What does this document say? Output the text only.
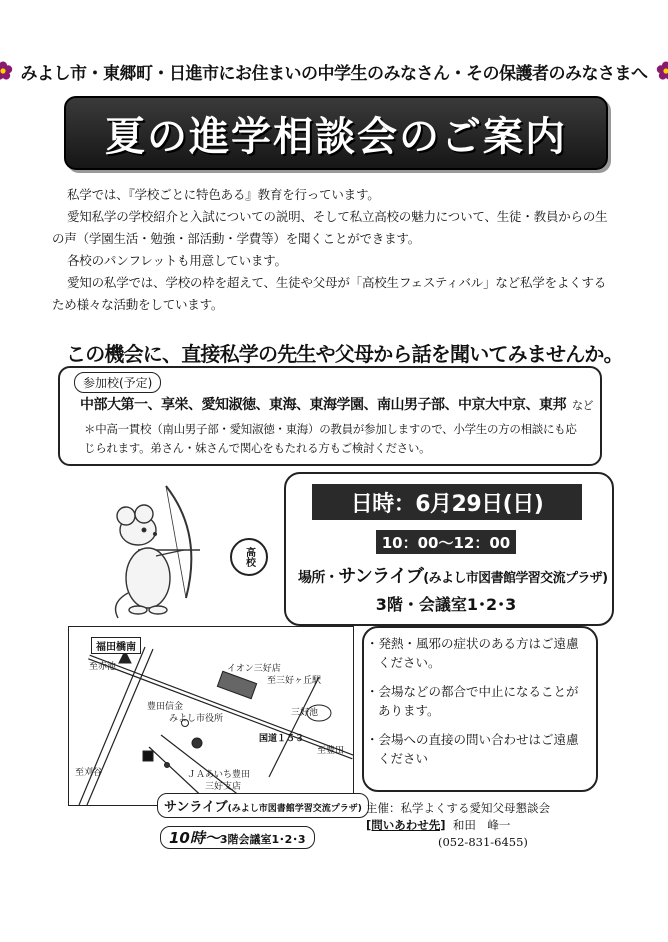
みよし市・東郷町・日進市にお住まいの中学生のみなさん・その保護者のみなさまへ
夏の進学相談会のご案内

私学では、『学校ごとに特色ある』教育を行っています。

愛知私学の学校紹介と入試についての説明、そして私立高校の魅力について、生徒・教員からの生の声（学園生活・勉強・部活動・学費等）を聞くことができます。

各校のパンフレットも用意しています。

愛知の私学では、学校の枠を超えて、生徒や父母が「高校生フェスティバル」など私学をよくするため様々な活動をしています。

この機会に、直接私学の先生や父母から話を聞いてみませんか。
参加校(予定)
中部大第一、享栄、愛知淑徳、東海、東海学園、南山男子部、中京大中京、東邦 など
＊中高一貫校（南山男子部・愛知淑徳・東海）の教員が参加しますので、小学生の方の相談にも応じられます。弟さん・妹さんで関心をもたれる方もご検討ください。
高校
日時：6月29日(日)
10：00～12：00
場所・サンライブ(みよし市図書館学習交流プラザ)
3階・会議室1･2･3
福田橋南
至赤池	イオン三好店
至三好ヶ丘駅
豊田信金
みよし市役所
三好池
国道１５３
至豊田
至刈谷	ＪＡあいち豊田
三好支店
サンライブ(みよし市図書館学習交流プラザ)
10時～3階会議室1･2･3
・ 発熱・風邪の症状のある方はご遠慮ください。
・ 会場などの都合で中止になることがあります。
・ 会場への直接の問い合わせはご遠慮ください
主催：私学よくする愛知父母懇談会
[問いあわせ先] 和田　峰一
(052-831-6455)
